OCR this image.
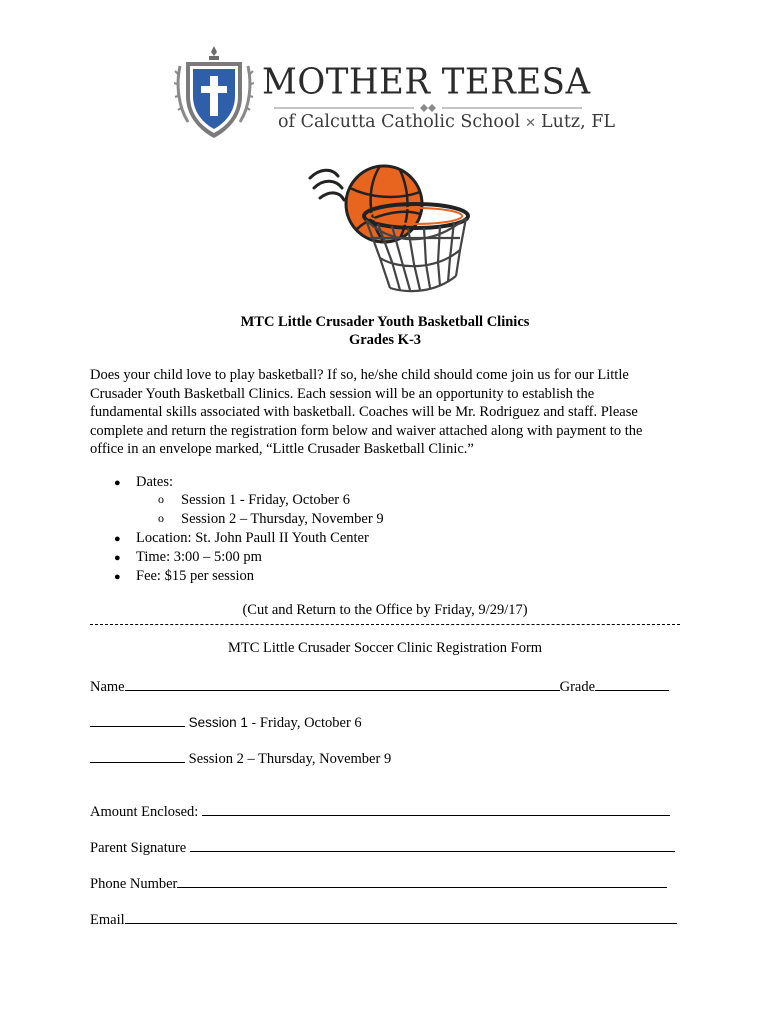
MOTHER TERESA
of Calcutta Catholic School ✕ Lutz, FL
MTC Little Crusader Youth Basketball Clinics
Grades K-3
Does your child love to play basketball? If so, he/she child should come join us for our Little
Crusader Youth Basketball Clinics. Each session will be an opportunity to establish the
fundamental skills associated with basketball. Coaches will be Mr. Rodriguez and staff. Please
complete and return the registration form below and waiver attached along with payment to the
office in an envelope marked, “Little Crusader Basketball Clinic.”
● Dates:
o Session 1 - Friday, October 6
o Session 2 – Thursday, November 9
● Location: St. John Paull II Youth Center
● Time: 3:00 – 5:00 pm
● Fee: $15 per session
(Cut and Return to the Office by Friday, 9/29/17)
MTC Little Crusader Soccer Clinic Registration Form
Name	Grade
Session 1 - Friday, October 6
Session 2 – Thursday, November 9
Amount Enclosed:
Parent Signature
Phone Number
Email
